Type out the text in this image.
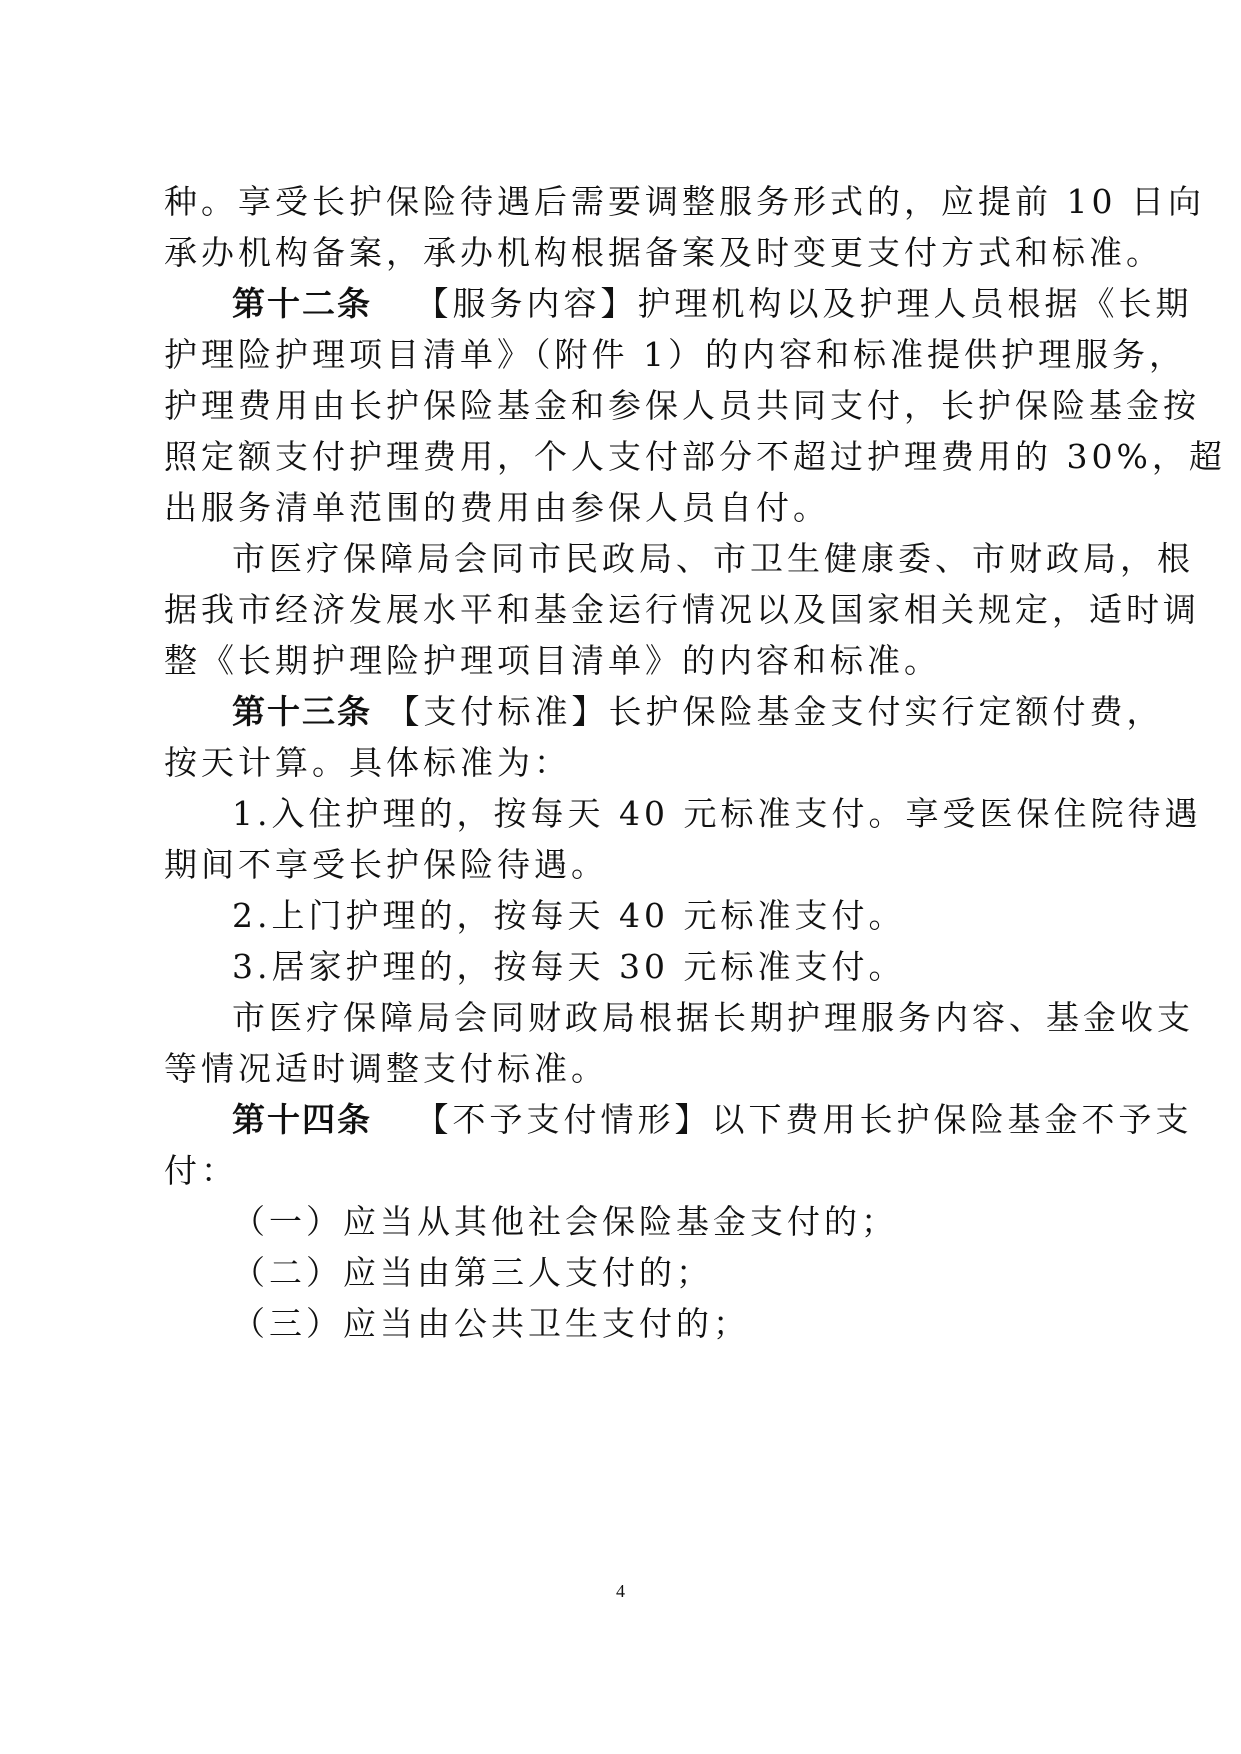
种。享受长护保险待遇后需要调整服务形式的，应提前 10 日向
承办机构备案，承办机构根据备案及时变更支付方式和标准。
第十二条 【服务内容】护理机构以及护理人员根据《长期
护理险护理项目清单》（附件 1）的内容和标准提供护理服务，
护理费用由长护保险基金和参保人员共同支付，长护保险基金按
照定额支付护理费用，个人支付部分不超过护理费用的 30%，超
出服务清单范围的费用由参保人员自付。
市医疗保障局会同市民政局、市卫生健康委、市财政局，根
据我市经济发展水平和基金运行情况以及国家相关规定，适时调
整《长期护理险护理项目清单》的内容和标准。
第十三条 【支付标准】长护保险基金支付实行定额付费，
按天计算。具体标准为：
1.入住护理的，按每天 40 元标准支付。享受医保住院待遇
期间不享受长护保险待遇。
2.上门护理的，按每天 40 元标准支付。
3.居家护理的，按每天 30 元标准支付。
市医疗保障局会同财政局根据长期护理服务内容、基金收支
等情况适时调整支付标准。
第十四条 【不予支付情形】以下费用长护保险基金不予支
付：
（一）应当从其他社会保险基金支付的；
（二）应当由第三人支付的；
（三）应当由公共卫生支付的；
4
